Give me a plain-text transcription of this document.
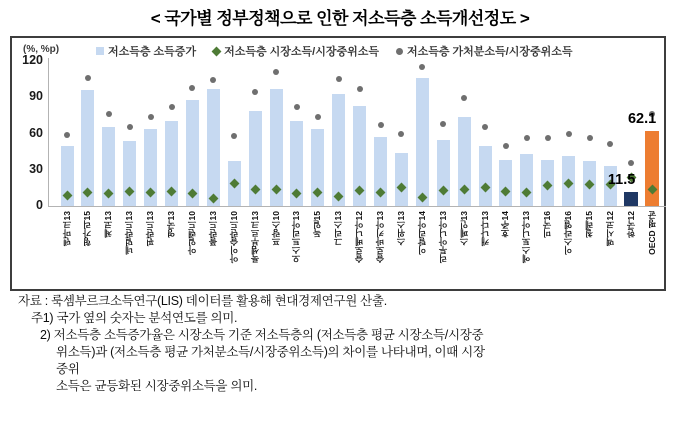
< 국가별 정부정책으로 인한 저소득층 소득개선정도 >
(%, %p)	저소득층 소득증가	저소득층 시장소득/시장중위소득	저소득층 가처분소득/시장중위소득
0
30
60
90
120
덴마크13 헝가리15 체코13 네덜란드13 핀란드13 영국13 아일랜드10 폴란드13 아이슬란드10 룩셈부르크13 프랑스10 오스트리아13 독일15 그리스13 슬로베니아12 슬로바키아13 스위스13 이탈리아14 리투아니아13 스페인13 캐나다13 호주14 에스토니아13 미국16 이스라엘16 칠레15 멕시코12 한국12 OECD 평균
11.5
62.1
자료 : 룩셈부르크소득연구(LIS) 데이터를 활용해 현대경제연구원 산출.
주1) 국가 옆의 숫자는 분석연도를 의미.
2) 저소득층 소득증가율은 시장소득 기준 저소득층의 (저소득층 평균 시장소득/시장중
위소득)과 (저소득층 평균 가처분소득/시장중위소득)의 차이를 나타내며, 이때 시장
중위
소득은 균등화된 시장중위소득을 의미.
